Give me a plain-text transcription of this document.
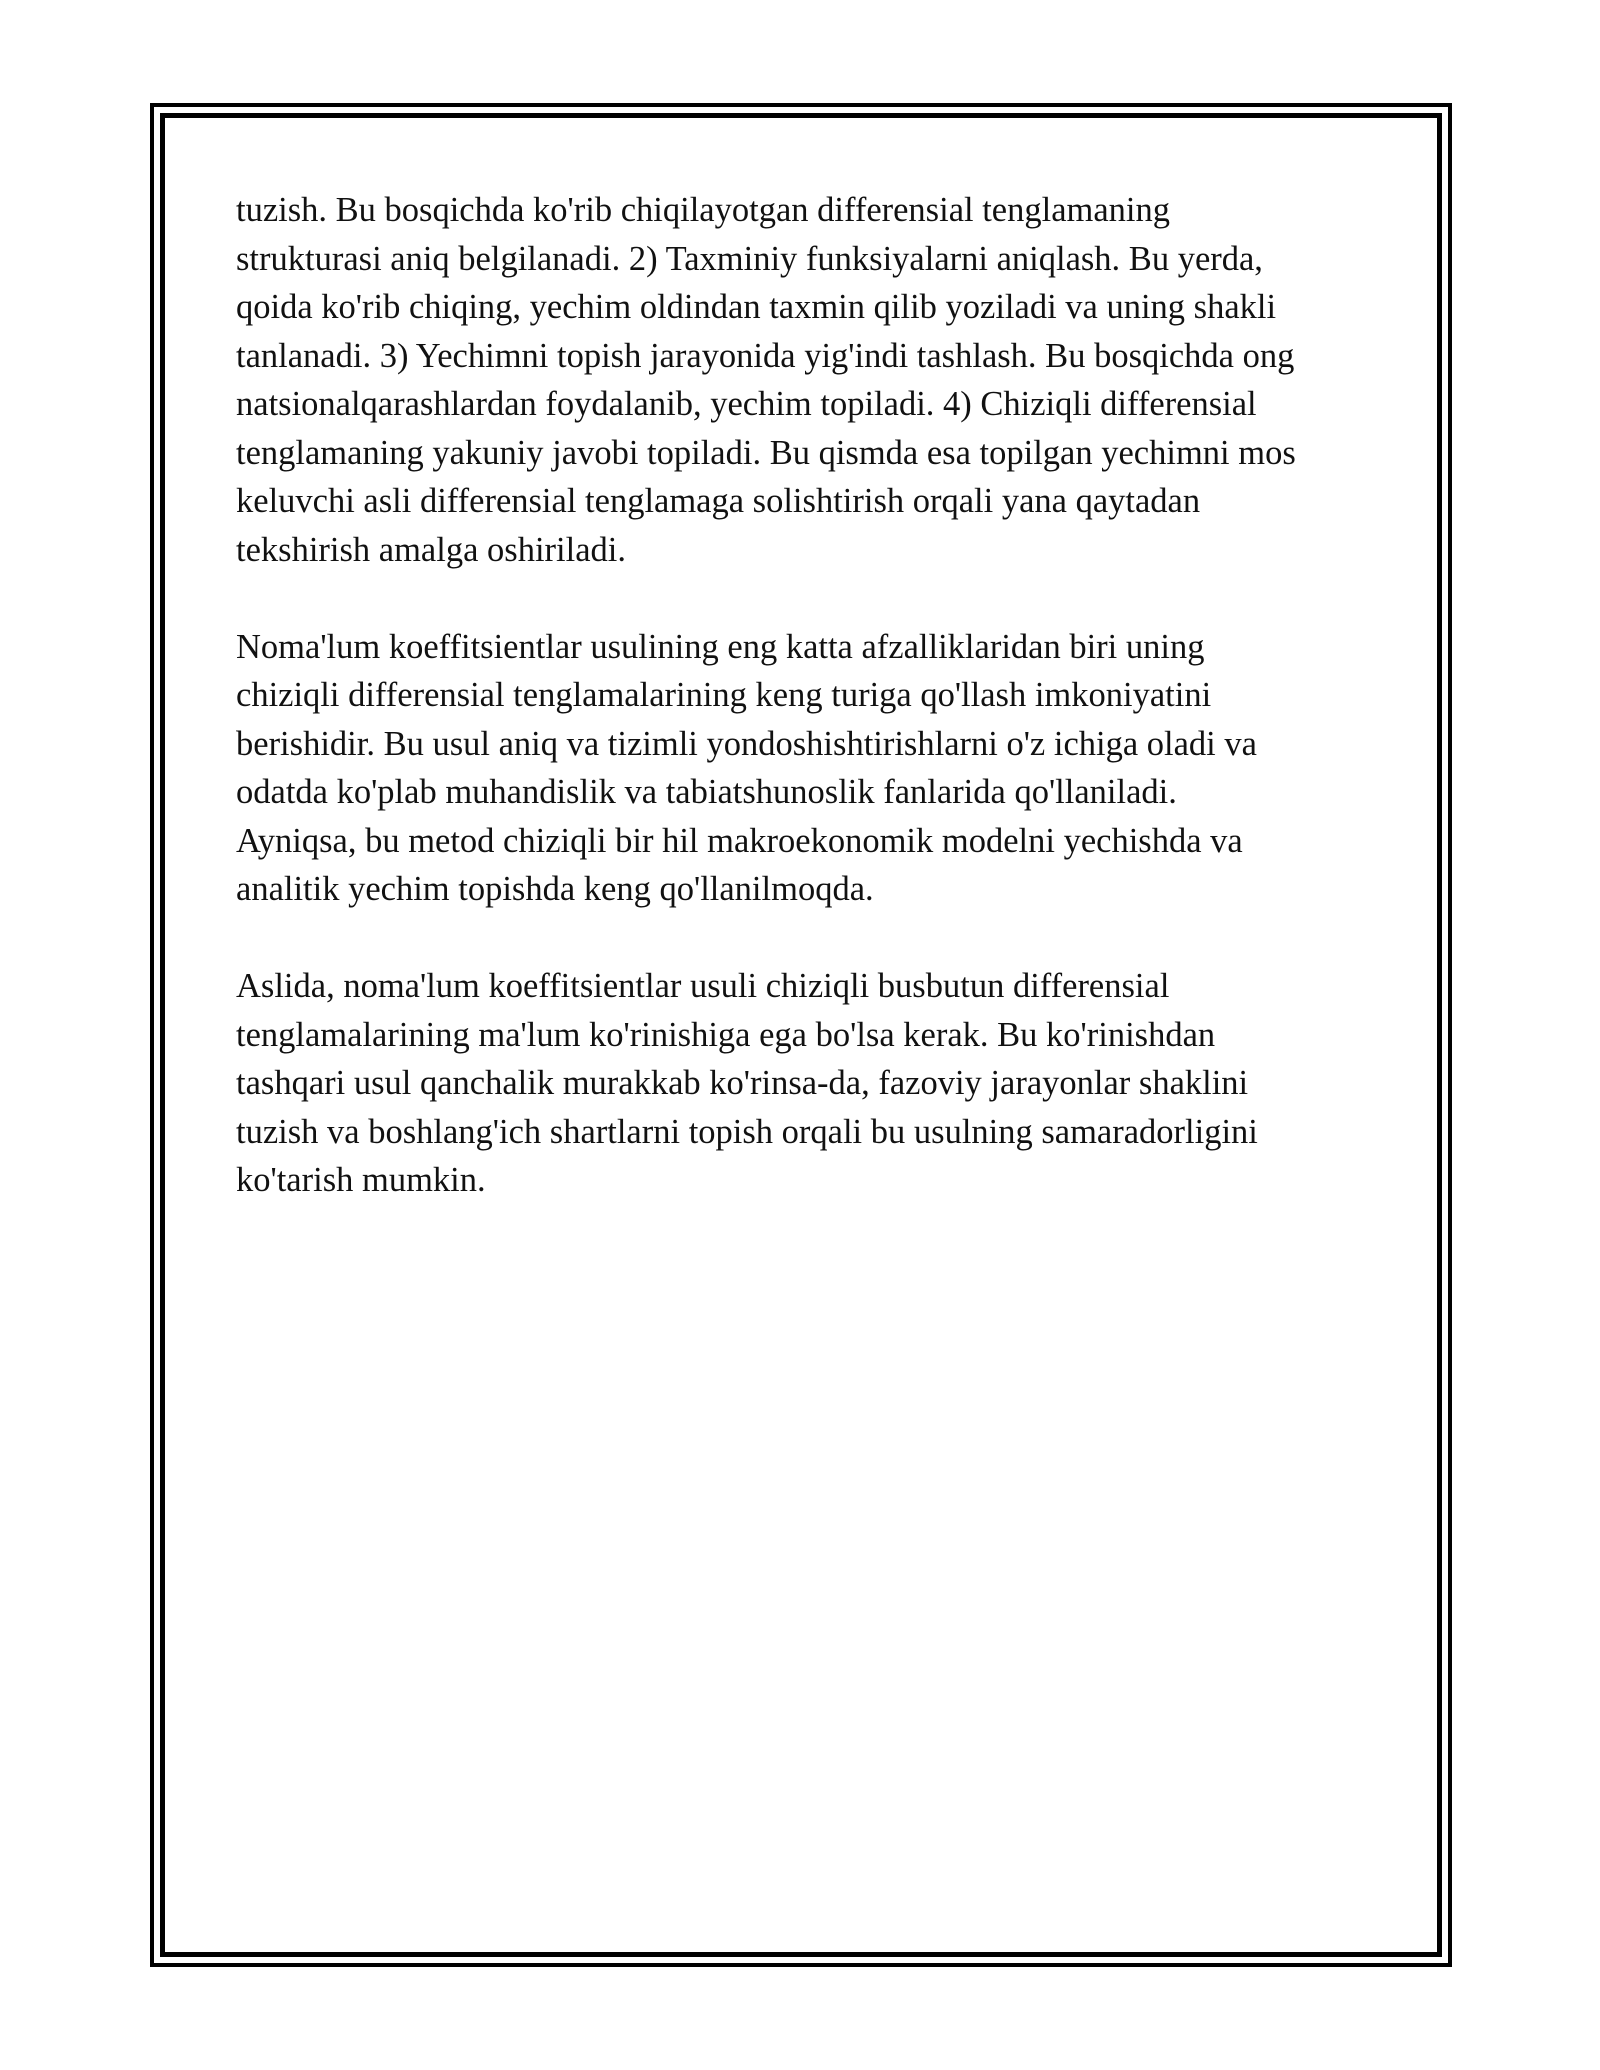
tuzish. Bu bosqichda ko'rib chiqilayotgan differensial tenglamaning
strukturasi aniq belgilanadi. 2) Taxminiy funksiyalarni aniqlash. Bu yerda,
qoida ko'rib chiqing, yechim oldindan taxmin qilib yoziladi va uning shakli
tanlanadi. 3) Yechimni topish jarayonida yig'indi tashlash. Bu bosqichda ong
natsionalqarashlardan foydalanib, yechim topiladi. 4) Chiziqli differensial
tenglamaning yakuniy javobi topiladi. Bu qismda esa topilgan yechimni mos
keluvchi asli differensial tenglamaga solishtirish orqali yana qaytadan
tekshirish amalga oshiriladi.

Noma'lum koeffitsientlar usulining eng katta afzalliklaridan biri uning
chiziqli differensial tenglamalarining keng turiga qo'llash imkoniyatini
berishidir. Bu usul aniq va tizimli yondoshishtirishlarni o'z ichiga oladi va
odatda ko'plab muhandislik va tabiatshunoslik fanlarida qo'llaniladi.
Ayniqsa, bu metod chiziqli bir hil makroekonomik modelni yechishda va
analitik yechim topishda keng qo'llanilmoqda.

Aslida, noma'lum koeffitsientlar usuli chiziqli busbutun differensial
tenglamalarining ma'lum ko'rinishiga ega bo'lsa kerak. Bu ko'rinishdan
tashqari usul qanchalik murakkab ko'rinsa-da, fazoviy jarayonlar shaklini
tuzish va boshlang'ich shartlarni topish orqali bu usulning samaradorligini
ko'tarish mumkin.
